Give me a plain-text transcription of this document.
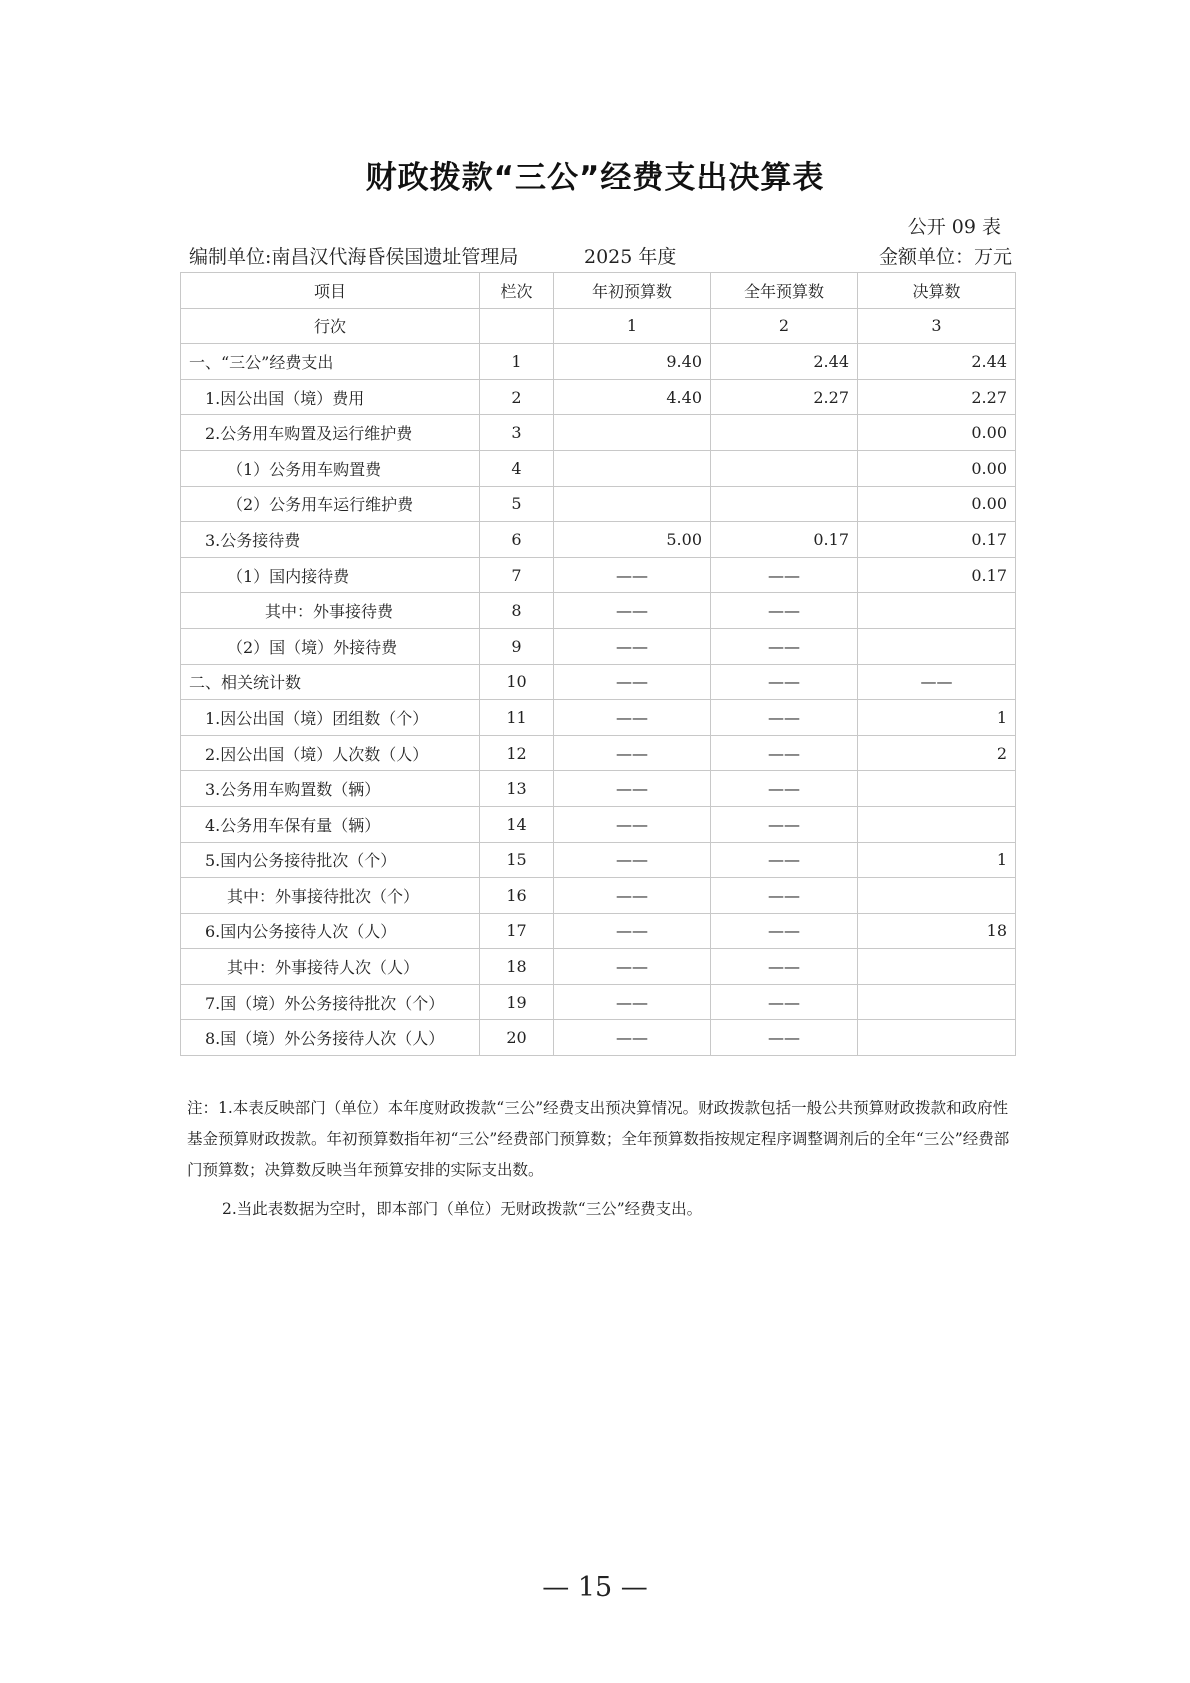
财政拨款“三公”经费支出决算表
公开 09 表
编制单位:南昌汉代海昏侯国遗址管理局	2025 年度	金额单位：万元
项目	栏次	年初预算数	全年预算数	决算数
行次		1	2	3
一、“三公”经费支出	1	9.40	2.44	2.44
1.因公出国（境）费用	2	4.40	2.27	2.27
2.公务用车购置及运行维护费	3			0.00
（1）公务用车购置费	4			0.00
（2）公务用车运行维护费	5			0.00
3.公务接待费	6	5.00	0.17	0.17
（1）国内接待费	7	——	——	0.17
其中：外事接待费	8	——	——	
（2）国（境）外接待费	9	——	——	
二、相关统计数	10	——	——	——
1.因公出国（境）团组数（个）	11	——	——	1
2.因公出国（境）人次数（人）	12	——	——	2
3.公务用车购置数（辆）	13	——	——	
4.公务用车保有量（辆）	14	——	——	
5.国内公务接待批次（个）	15	——	——	1
其中：外事接待批次（个）	16	——	——	
6.国内公务接待人次（人）	17	——	——	18
其中：外事接待人次（人）	18	——	——	
7.国（境）外公务接待批次（个）	19	——	——	
8.国（境）外公务接待人次（人）	20	——	——	
注：1.本表反映部门（单位）本年度财政拨款“三公”经费支出预决算情况。财政拨款包括一般公共预算财政拨款和政府性基金预算财政拨款。年初预算数指年初“三公”经费部门预算数；全年预算数指按规定程序调整调剂后的全年“三公”经费部门预算数；决算数反映当年预算安排的实际支出数。
2.当此表数据为空时，即本部门（单位）无财政拨款“三公”经费支出。
— 15 —
